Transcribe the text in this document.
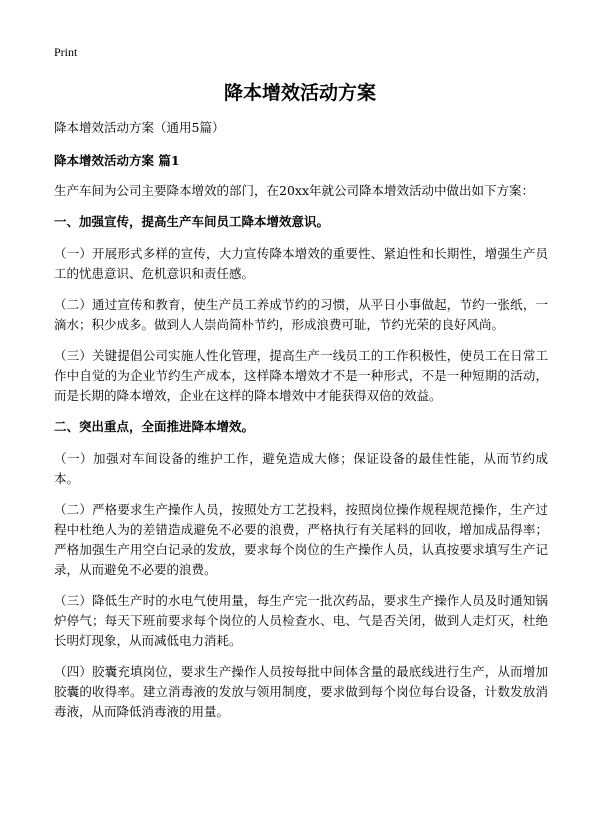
Print
降本增效活动方案

降本增效活动方案（通用5篇）

降本增效活动方案 篇1

生产车间为公司主要降本增效的部门，在20xx年就公司降本增效活动中做出如下方案：

一、加强宣传，提高生产车间员工降本增效意识。

（一）开展形式多样的宣传，大力宣传降本增效的重要性、紧迫性和长期性，增强生产员工的忧患意识、危机意识和责任感。

（二）通过宣传和教育，使生产员工养成节约的习惯，从平日小事做起，节约一张纸，一滴水；积少成多。做到人人崇尚简朴节约，形成浪费可耻，节约光荣的良好风尚。

（三）关键提倡公司实施人性化管理，提高生产一线员工的工作积极性，使员工在日常工作中自觉的为企业节约生产成本，这样降本增效才不是一种形式，不是一种短期的活动，而是长期的降本增效，企业在这样的降本增效中才能获得双倍的效益。

二、突出重点，全面推进降本增效。

（一）加强对车间设备的维护工作，避免造成大修；保证设备的最佳性能，从而节约成本。

（二）严格要求生产操作人员，按照处方工艺投料，按照岗位操作规程规范操作，生产过程中杜绝人为的差错造成避免不必要的浪费，严格执行有关尾料的回收，增加成品得率；严格加强生产用空白记录的发放，要求每个岗位的生产操作人员，认真按要求填写生产记录，从而避免不必要的浪费。

（三）降低生产时的水电气使用量，每生产完一批次药品，要求生产操作人员及时通知锅炉停气；每天下班前要求每个岗位的人员检查水、电、气是否关闭，做到人走灯灭，杜绝长明灯现象，从而减低电力消耗。

（四）胶囊充填岗位，要求生产操作人员按每批中间体含量的最底线进行生产，从而增加胶囊的收得率。建立消毒液的发放与领用制度，要求做到每个岗位每台设备，计数发放消毒液，从而降低消毒液的用量。
